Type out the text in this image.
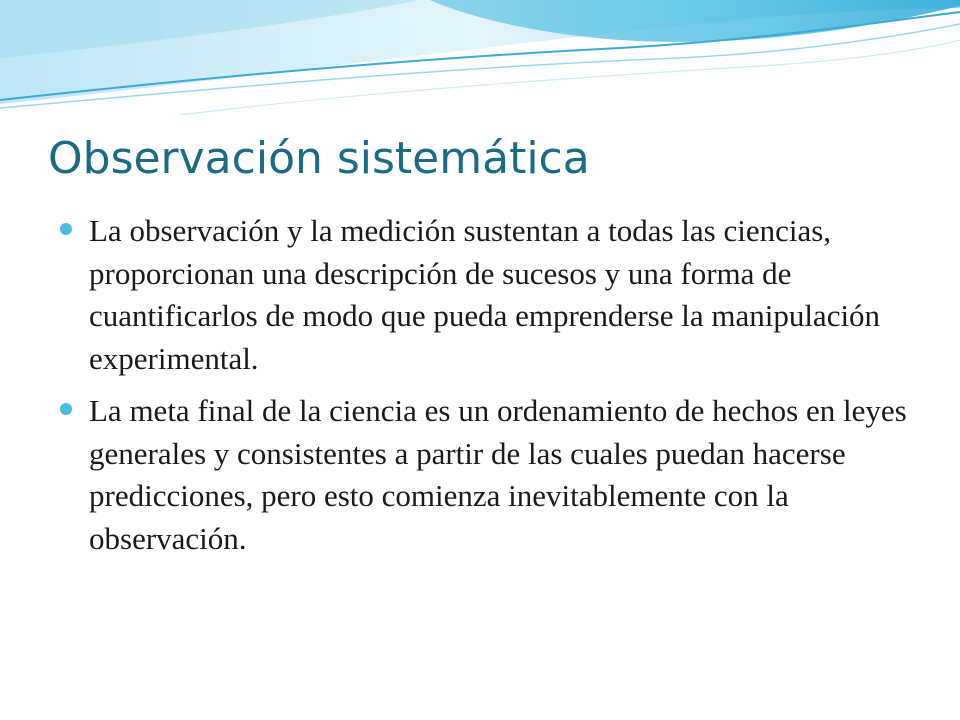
Observación sistemática
La observación y la medición sustentan a todas las ciencias, proporcionan una descripción de sucesos y una forma de cuantificarlos de modo que pueda emprenderse la manipulación experimental.
La meta final de la ciencia es un ordenamiento de hechos en leyes generales y consistentes a partir de las cuales puedan hacerse predicciones, pero esto comienza inevitablemente con la observación.
